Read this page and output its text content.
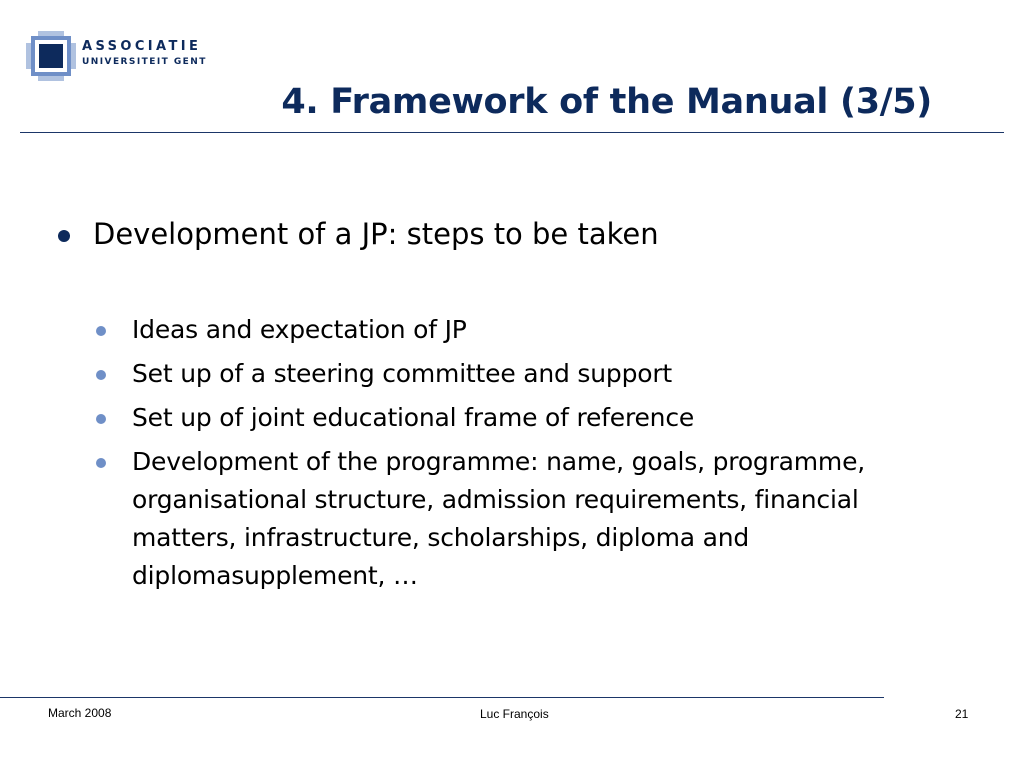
ASSOCIATIE
UNIVERSITEIT GENT
4. Framework of the Manual (3/5)
Development of a JP: steps to be taken
Ideas and expectation of JP
Set up of a steering committee and support
Set up of joint educational frame of reference
Development of the programme: name, goals, programme, organisational structure, admission requirements, financial matters, infrastructure, scholarships, diploma and diplomasupplement, …
March 2008	Luc François	21
